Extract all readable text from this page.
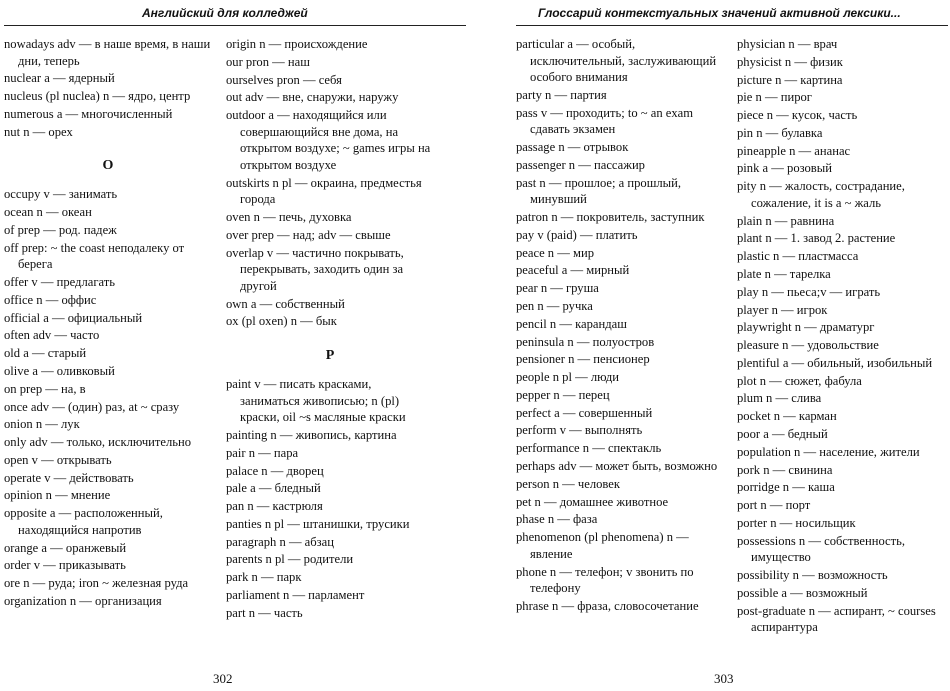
Английский для колледжей
nowadays adv — в наше время, в наши дни, теперь
nuclear a — ядерный
nucleus (pl nuclea) n — ядро, центр
numerous a — многочисленный
nut n — орех
O
occupy v — занимать
ocean n — океан
of prep — род. падеж
off prep: ~ the coast неподалеку от берега
offer v — предлагать
office n — оффис
official a — официальный
often adv — часто
old a — старый
olive a — оливковый
on prep — на, в
once adv — (один) раз, at ~ сразу
onion n — лук
only adv — только, исключительно
open v — открывать
operate v — действовать
opinion n — мнение
opposite a — расположенный, находящийся напротив
orange a — оранжевый
order v — приказывать
ore n — руда; iron ~ железная руда
organization n — организация
origin n — происхождение
our pron — наш
ourselves pron — себя
out adv — вне, снаружи, наружу
outdoor a — находящийся или совершающийся вне дома, на открытом воздухе; ~ games игры на открытом воздухе
outskirts n pl — окраина, предместья города
oven n — печь, духовка
over prep — над; adv — свыше
overlap v — частично покрывать, перекрывать, заходить один за другой
own a — собственный
ox (pl oxen) n — бык
P
paint v — писать красками, заниматься живописью; n (pl) краски, oil ~s масляные краски
painting n — живопись, картина
pair n — пара
palace n — дворец
pale a — бледный
pan n — кастрюля
panties n pl — штанишки, трусики
paragraph n — абзац
parents n pl — родители
park n — парк
parliament n — парламент
part n — часть
302
Глоссарий контекстуальных значений активной лексики...
particular a — особый, исключительный, заслуживающий особого внимания
party n — партия
pass v — проходить; to ~ an exam сдавать экзамен
passage n — отрывок
passenger n — пассажир
past n — прошлое; a прошлый, минувший
patron n — покровитель, заступник
pay v (paid) — платить
peace n — мир
peaceful a — мирный
pear n — груша
pen n — ручка
pencil n — карандаш
peninsula n — полуостров
pensioner n — пенсионер
people n pl — люди
pepper n — перец
perfect a — совершенный
perform v — выполнять
performance n — спектакль
perhaps adv — может быть, возможно
person n — человек
pet n — домашнее животное
phase n — фаза
phenomenon (pl phenomena) n — явление
phone n — телефон; v звонить по телефону
phrase n — фраза, словосочетание
physician n — врач
physicist n — физик
picture n — картина
pie n — пирог
piece n — кусок, часть
pin n — булавка
pineapple n — ананас
pink a — розовый
pity n — жалость, сострадание, сожаление, it is a ~ жаль
plain n — равнина
plant n — 1. завод 2. растение
plastic n — пластмасса
plate n — тарелка
play n — пьеса;v — играть
player n — игрок
playwright n — драматург
pleasure n — удовольствие
plentiful a — обильный, изобильный
plot n — сюжет, фабула
plum n — слива
pocket n — карман
poor a — бедный
population n — население, жители
pork n — свинина
porridge n — каша
port n — порт
porter n — носильщик
possessions n — собственность, имущество
possibility n — возможность
possible a — возможный
post-graduate n — аспирант, ~ courses аспирантура
303
